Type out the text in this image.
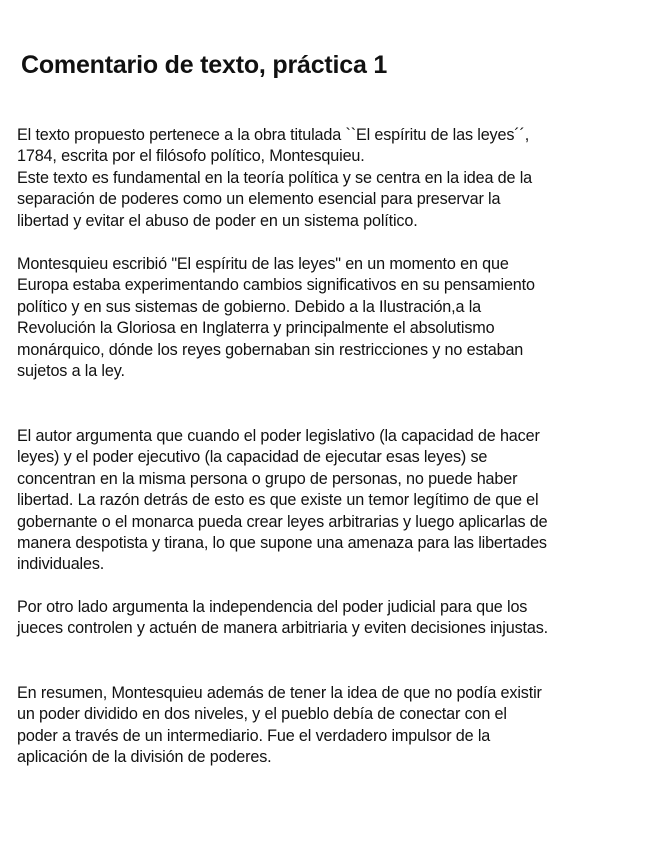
Comentario de texto, práctica 1
El texto propuesto pertenece a la obra titulada ``El espíritu de las leyes´´,
1784, escrita por el filósofo político, Montesquieu.
Este texto es fundamental en la teoría política y se centra en la idea de la
separación de poderes como un elemento esencial para preservar la
libertad y evitar el abuso de poder en un sistema político.
Montesquieu escribió "El espíritu de las leyes" en un momento en que
Europa estaba experimentando cambios significativos en su pensamiento
político y en sus sistemas de gobierno. Debido a la Ilustración,a la
Revolución la Gloriosa en Inglaterra y principalmente el absolutismo
monárquico, dónde los reyes gobernaban sin restricciones y no estaban
sujetos a la ley.
El autor argumenta que cuando el poder legislativo (la capacidad de hacer
leyes) y el poder ejecutivo (la capacidad de ejecutar esas leyes) se
concentran en la misma persona o grupo de personas, no puede haber
libertad. La razón detrás de esto es que existe un temor legítimo de que el
gobernante o el monarca pueda crear leyes arbitrarias y luego aplicarlas de
manera despotista y tirana, lo que supone una amenaza para las libertades
individuales.
Por otro lado argumenta la independencia del poder judicial para que los
jueces controlen y actuén de manera arbitriaria y eviten decisiones injustas.
En resumen, Montesquieu además de tener la idea de que no podía existir
un poder dividido en dos niveles, y el pueblo debía de conectar con el
poder a través de un intermediario. Fue el verdadero impulsor de la
aplicación de la división de poderes.
